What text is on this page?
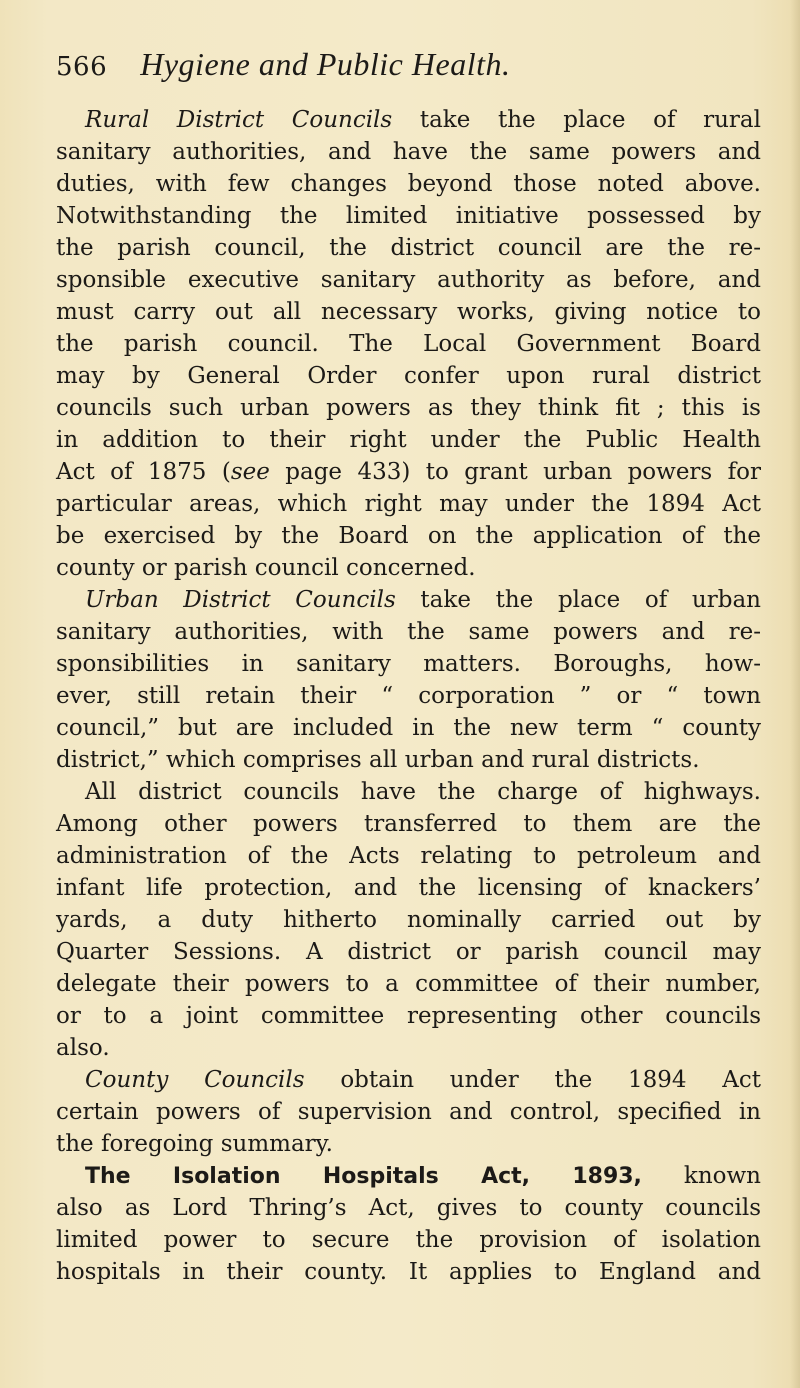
566 Hygiene and Public Health.
Rural District Councils take the place of rural
sanitary authorities, and have the same powers and
duties, with few changes beyond those noted above.
Notwithstanding the limited initiative possessed by
the parish council, the district council are the re-
sponsible executive sanitary authority as before, and
must carry out all necessary works, giving notice to
the parish council. The Local Government Board
may by General Order confer upon rural district
councils such urban powers as they think fit ; this is
in addition to their right under the Public Health
Act of 1875 (see page 433) to grant urban powers for
particular areas, which right may under the 1894 Act
be exercised by the Board on the application of the
county or parish council concerned.
Urban District Councils take the place of urban
sanitary authorities, with the same powers and re-
sponsibilities in sanitary matters. Boroughs, how-
ever, still retain their “ corporation ” or “ town
council,” but are included in the new term “ county
district,” which comprises all urban and rural districts.
All district councils have the charge of highways.
Among other powers transferred to them are the
administration of the Acts relating to petroleum and
infant life protection, and the licensing of knackers’
yards, a duty hitherto nominally carried out by
Quarter Sessions. A district or parish council may
delegate their powers to a committee of their number,
or to a joint committee representing other councils
also.
County Councils obtain under the 1894 Act
certain powers of supervision and control, specified in
the foregoing summary.
The Isolation Hospitals Act, 1893, known
also as Lord Thring’s Act, gives to county councils
limited power to secure the provision of isolation
hospitals in their county. It applies to England and
